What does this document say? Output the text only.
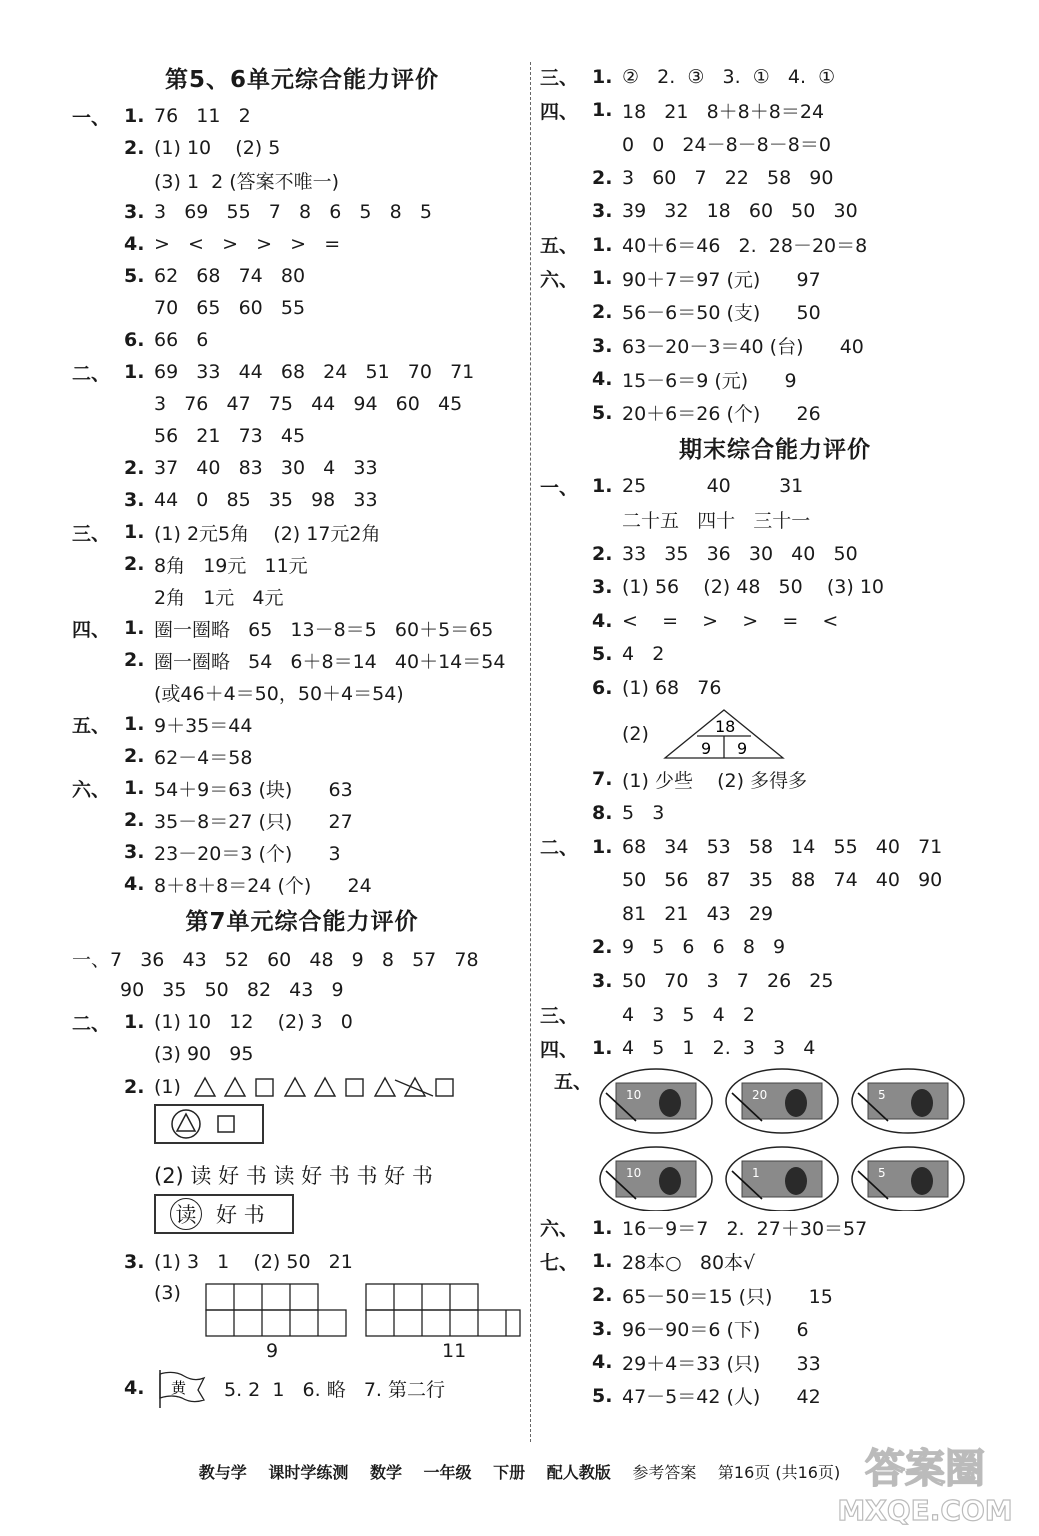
第5、6单元综合能力评价
一、 1. 76   11   2
2. (1) 10    (2) 5
(3) 1  2 (答案不唯一)
3. 3   69   55   7   8   6   5   8   5
4. >   <   >   >   >   =
5. 62   68   74   80
70   65   60   55
6. 66   6
二、 1. 69   33   44   68   24   51   70   71
3   76   47   75   44   94   60   45
56   21   73   45
2. 37   40   83   30   4   33
3. 44   0   85   35   98   33
三、 1. (1) 2元5角    (2) 17元2角
2. 8角   19元   11元
2角   1元   4元
四、 1. 圈一圈略   65   13－8＝5   60＋5＝65
2. 圈一圈略   54   6＋8＝14   40＋14＝54
(或46＋4＝50，50＋4＝54)
五、 1. 9＋35＝44
2. 62－4＝58
六、 1. 54＋9＝63 (块)      63
2. 35－8＝27 (只)      27
3. 23－20＝3 (个)      3
4. 8＋8＋8＝24 (个)      24
第7单元综合能力评价
一、7   36   43   52   60   48   9   8   57   78
90   35   50   82   43   9
二、 1. (1) 10   12    (2) 3   0
(3) 90   95
2. (1)
(2) 读 好 书 读 好 书 书 好 书
读 好 书
3. (1) 3   1    (2) 50   21
(3)
9	11
4.	黄 5. 2  1   6. 略   7. 第二行
三、 1. ②   2.  ③   3.  ①   4.  ①
四、 1. 18   21   8＋8＋8＝24
0   0   24－8－8－8＝0
2. 3   60   7   22   58   90
3. 39   32   18   60   50   30
五、 1. 40＋6＝46   2.  28－20＝8
六、 1. 90＋7＝97 (元)      97
2. 56－6＝50 (支)      50
3. 63－20－3＝40 (台)      40
4. 15－6＝9 (元)      9
5. 20＋6＝26 (个)      26
期末综合能力评价
一、 1. 25          40        31
二十五   四十   三十一
2. 33   35   36   30   40   50
3. (1) 56    (2) 48   50    (3) 10
4. <    =    >    >    =    <
5. 4   2
6. (1) 68   76
(2)	18
9 9
7. (1) 少些    (2) 多得多
8. 5   3
二、 1. 68   34   53   58   14   55   40   71
50   56   87   35   88   74   40   90
81   21   43   29
2. 9   5   6   6   8   9
3. 50   70   3   7   26   25
三、	4   3   5   4   2
四、 1. 4   5   1   2.  3   3   4
五、
10	20	5
10	1	5
六、 1. 16－9＝7   2.  27＋30＝57
七、 1. 28本○   80本√
2. 65－50＝15 (只)      15
3. 96－90＝6 (下)      6
4. 29＋4＝33 (只)      33
5. 47－5＝42 (人)      42
教与学 课时学练测 数学 一年级 下册 配人教版 参考答案 第16页 (共16页) 答案圈
MXQE.COM
